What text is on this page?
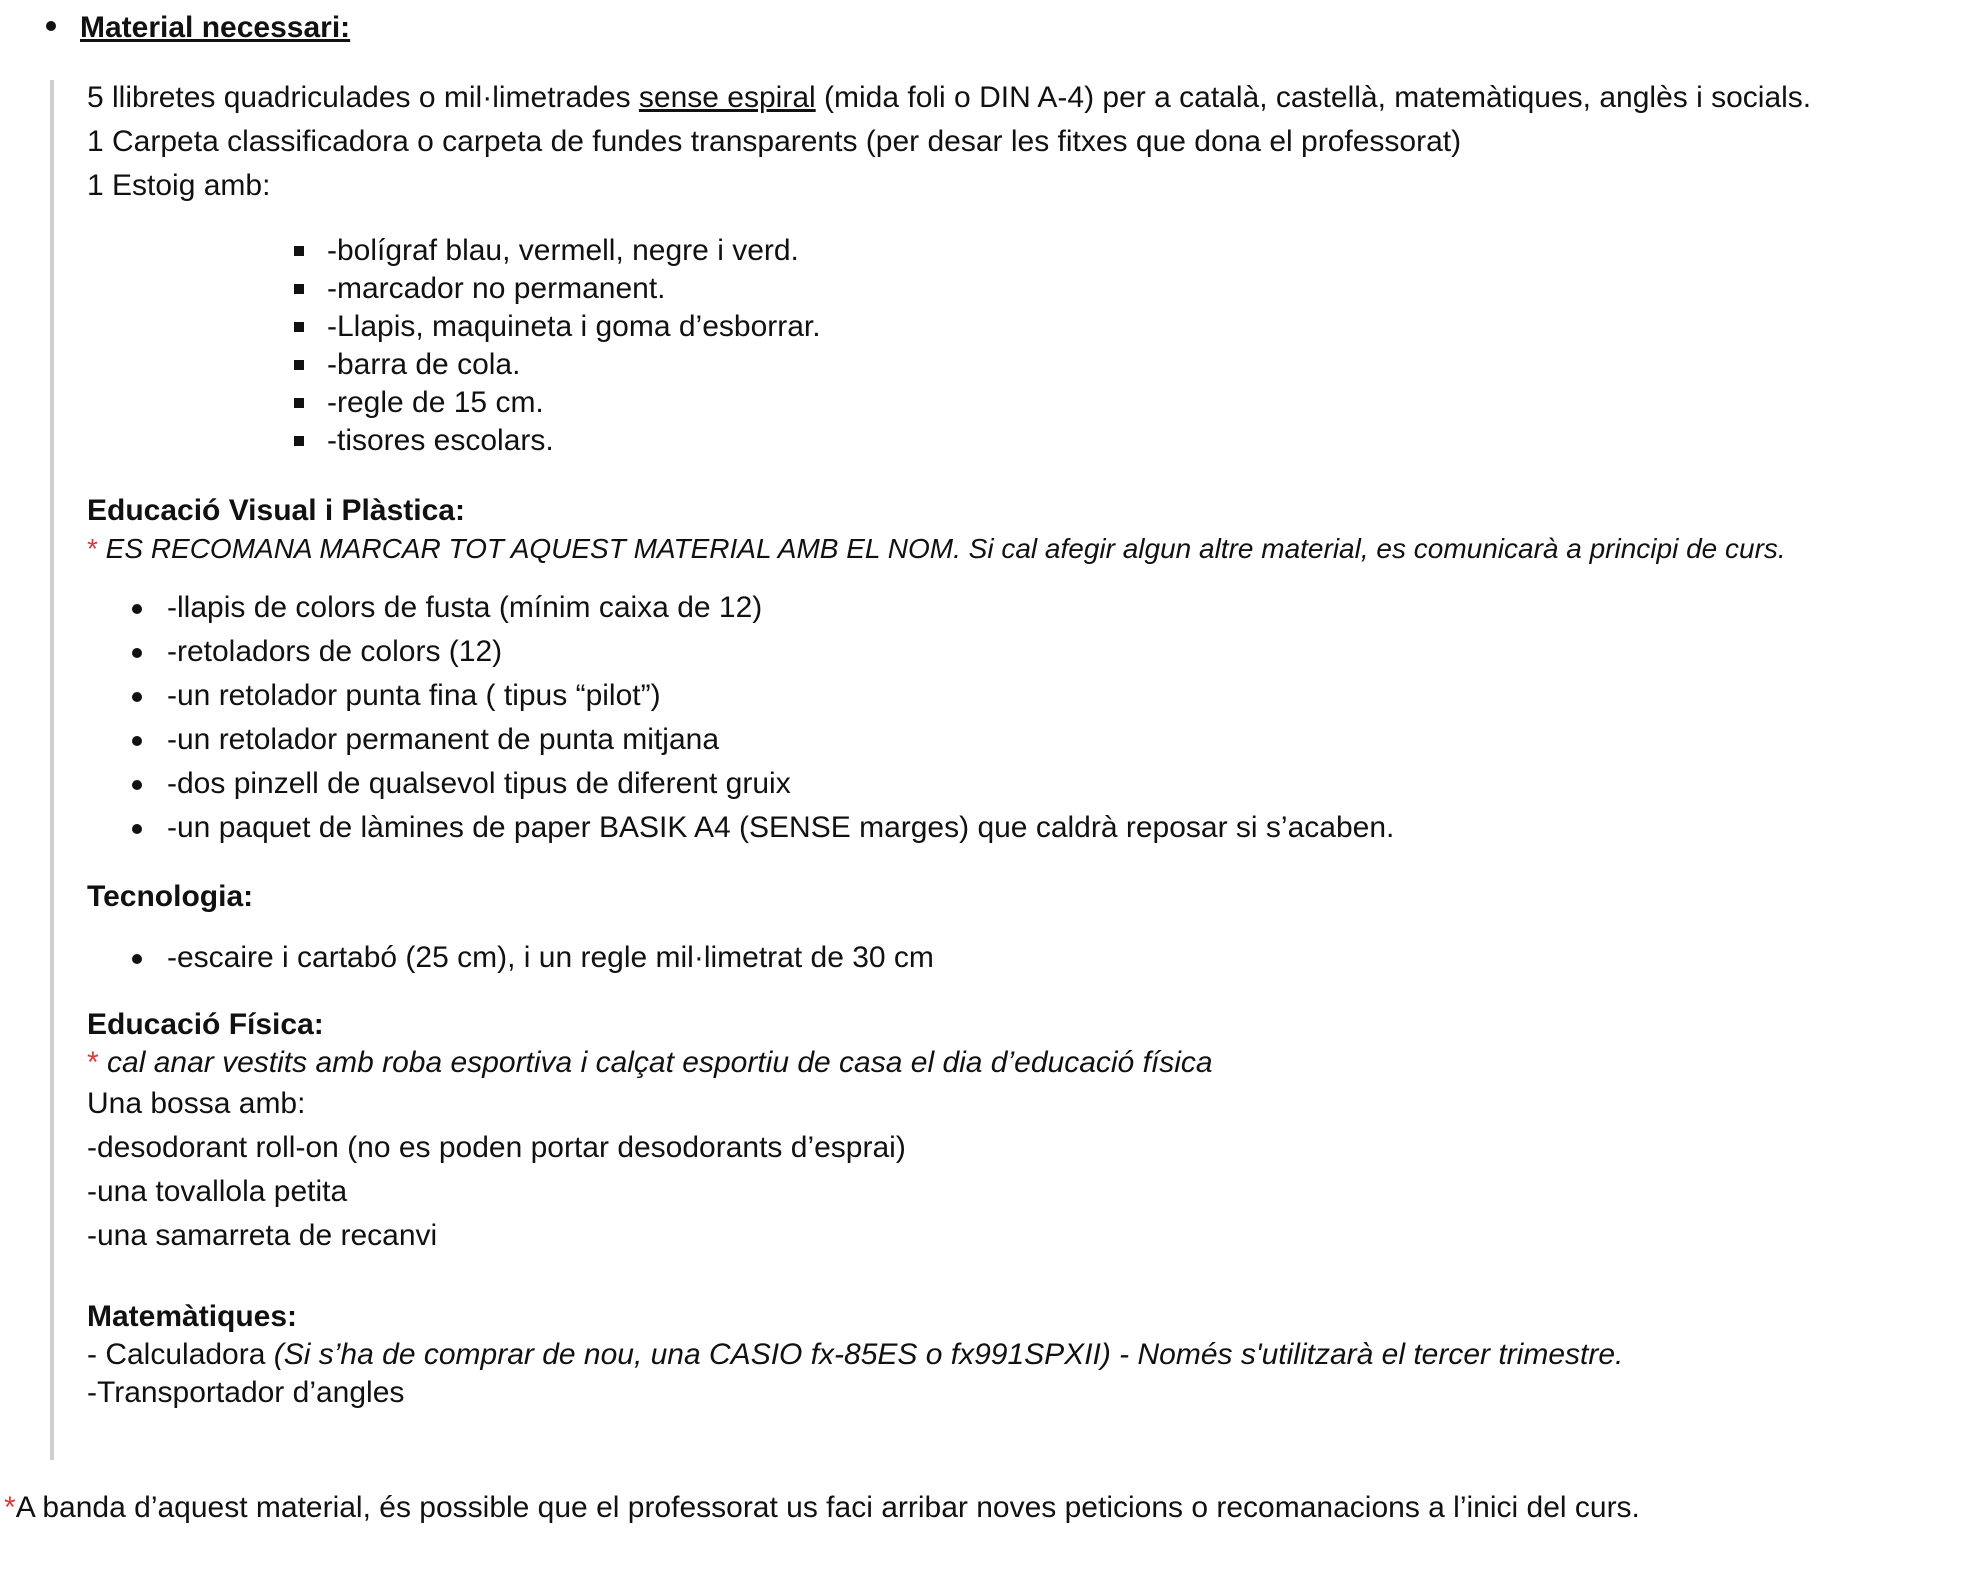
Material necessari:
5 llibretes quadriculades o mil·limetrades sense espiral (mida foli o DIN A-4) per a català, castellà, matemàtiques, anglès i socials.
1 Carpeta classificadora o carpeta de fundes transparents (per desar les fitxes que dona el professorat)
1 Estoig amb:
-bolígraf blau, vermell, negre i verd.
-marcador no permanent.
-Llapis, maquineta i goma d’esborrar.
-barra de cola.
-regle de 15 cm.
-tisores escolars.
Educació Visual i Plàstica:
* ES RECOMANA MARCAR TOT AQUEST MATERIAL AMB EL NOM. Si cal afegir algun altre material, es comunicarà a principi de curs.
-llapis de colors de fusta (mínim caixa de 12)
-retoladors de colors (12)
-un retolador punta fina ( tipus “pilot”)
-un retolador permanent de punta mitjana
-dos pinzell de qualsevol tipus de diferent gruix
-un paquet de làmines de paper BASIK A4 (SENSE marges) que caldrà reposar si s’acaben.
Tecnologia:
-escaire i cartabó (25 cm), i un regle mil·limetrat de 30 cm
Educació Física:
* cal anar vestits amb roba esportiva i calçat esportiu de casa el dia d’educació física
Una bossa amb:
-desodorant roll-on (no es poden portar desodorants d’esprai)
-una tovallola petita
-una samarreta de recanvi
Matemàtiques:
- Calculadora (Si s’ha de comprar de nou, una CASIO fx-85ES o fx991SPXII) - Només s'utilitzarà el tercer trimestre.
-Transportador d’angles
*A banda d’aquest material, és possible que el professorat us faci arribar noves peticions o recomanacions a l’inici del curs.
